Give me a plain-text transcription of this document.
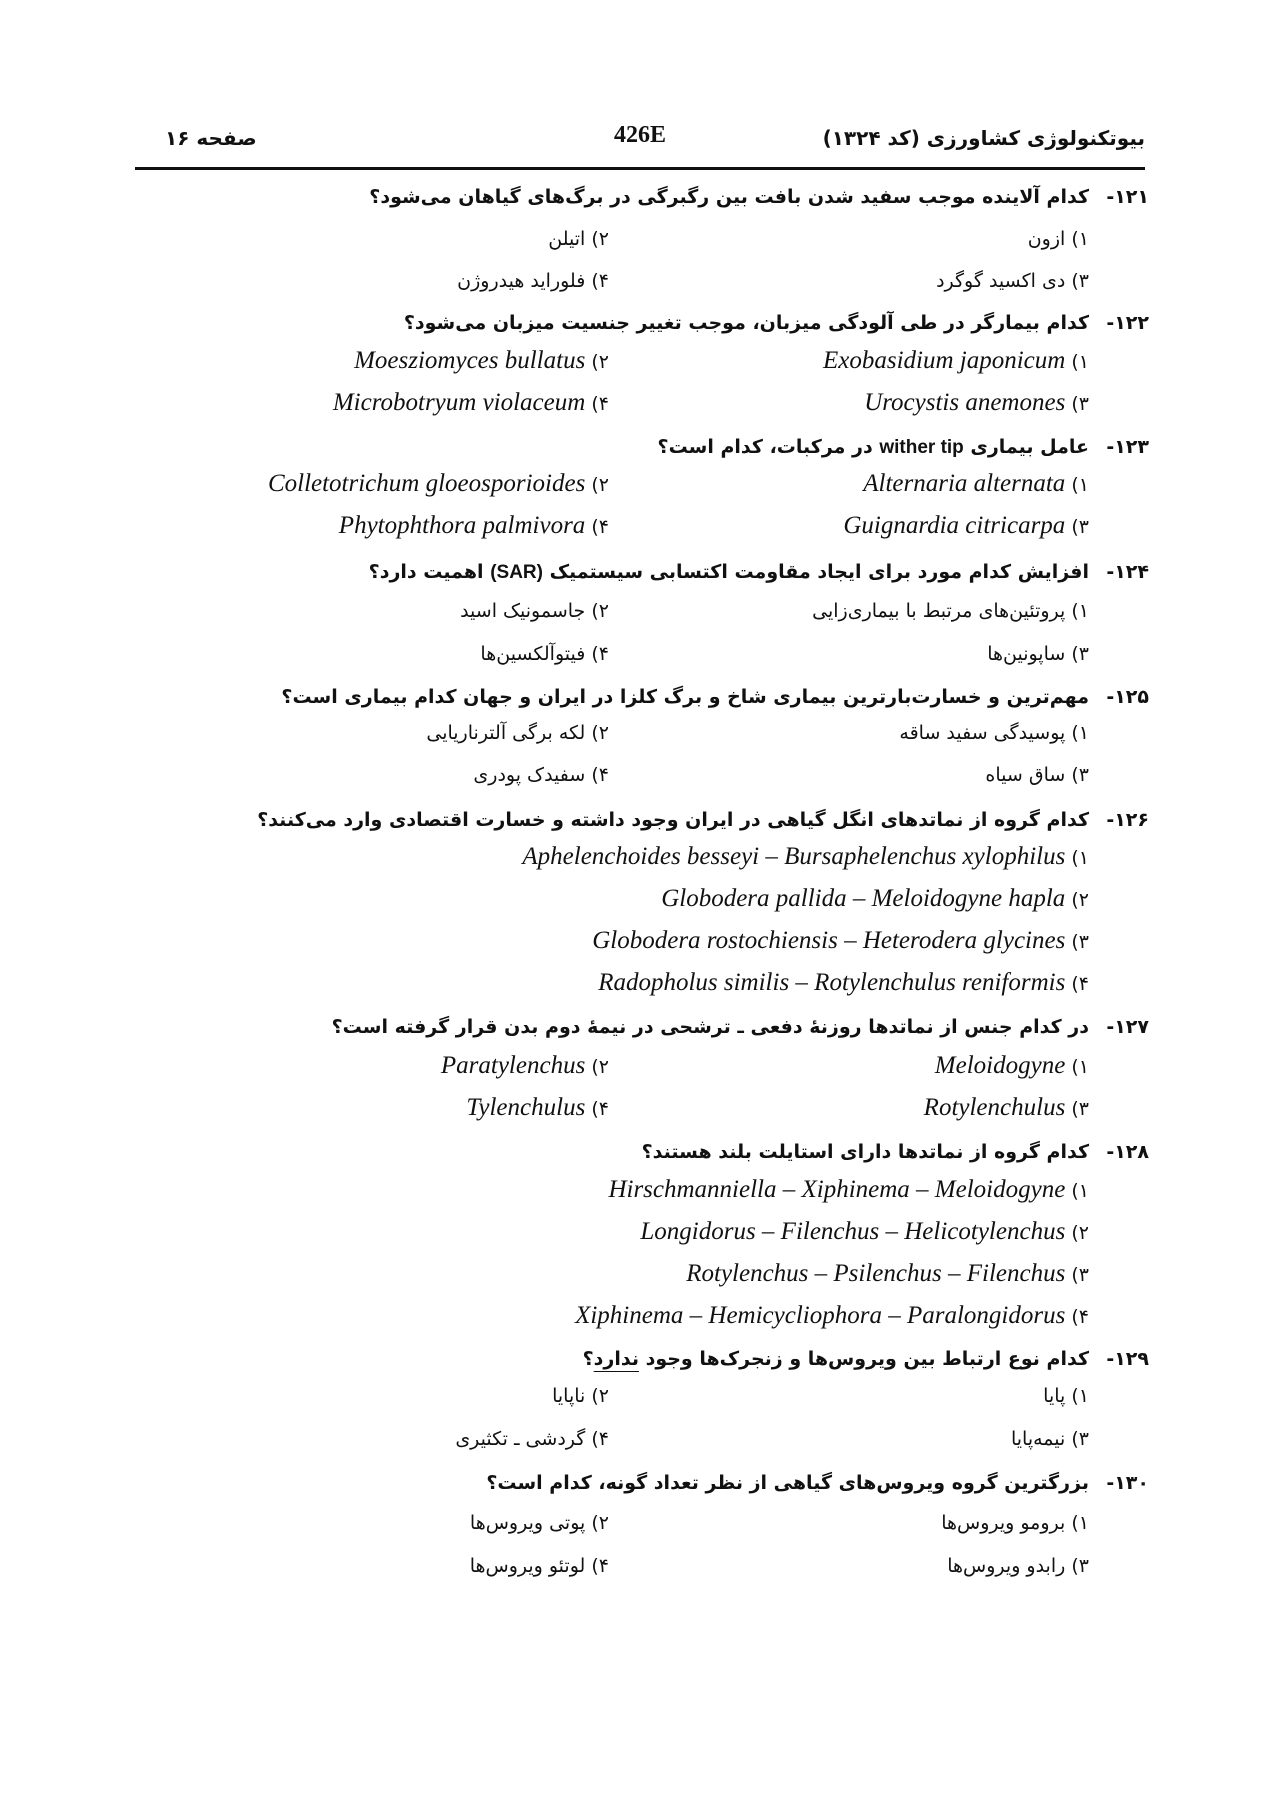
بیوتکنولوژی کشاورزی (کد ۱۳۲۴)
426E
صفحه ۱۶
۱۲۱-
کدام آلاینده موجب سفید شدن بافت بین رگبرگی در برگ‌های گیاهان می‌شود؟
۱) ازون
۲) اتیلن
۳) دی اکسید گوگرد
۴) فلوراید هیدروژن
۱۲۲-
کدام بیمارگر در طی آلودگی میزبان، موجب تغییر جنسیت میزبان می‌شود؟
۱) Exobasidium japonicum
۲) Moesziomyces bullatus
۳) Urocystis anemones
۴) Microbotryum violaceum
۱۲۳-
عامل بیماری wither tip در مرکبات، کدام است؟
۱) Alternaria alternata
۲) Colletotrichum gloeosporioides
۳) Guignardia citricarpa
۴) Phytophthora palmivora
۱۲۴-
افزایش کدام مورد برای ایجاد مقاومت اکتسابی سیستمیک (SAR) اهمیت دارد؟
۱) پروتئین‌های مرتبط با بیماری‌زایی
۲) جاسمونیک اسید
۳) ساپونین‌ها
۴) فیتوآلکسین‌ها
۱۲۵-
مهم‌ترین و خسارت‌بارترین بیماری شاخ و برگ کلزا در ایران و جهان کدام بیماری است؟
۱) پوسیدگی سفید ساقه
۲) لکه برگی آلترناریایی
۳) ساق سیاه
۴) سفیدک پودری
۱۲۶-
کدام گروه از نماتدهای انگل گیاهی در ایران وجود داشته و خسارت اقتصادی وارد می‌کنند؟
۱) Aphelenchoides besseyi – Bursaphelenchus xylophilus
۲) Globodera pallida – Meloidogyne hapla
۳) Globodera rostochiensis – Heterodera glycines
۴) Radopholus similis – Rotylenchulus reniformis
۱۲۷-
در کدام جنس از نماتدها روزنهٔ دفعی ـ ترشحی در نیمهٔ دوم بدن قرار گرفته است؟
۱) Meloidogyne
۲) Paratylenchus
۳) Rotylenchulus
۴) Tylenchulus
۱۲۸-
کدام گروه از نماتدها دارای استایلت بلند هستند؟
۱) Hirschmanniella – Xiphinema – Meloidogyne
۲) Longidorus – Filenchus – Helicotylenchus
۳) Rotylenchus – Psilenchus – Filenchus
۴) Xiphinema – Hemicycliophora – Paralongidorus
۱۲۹-
کدام نوع ارتباط بین ویروس‌ها و زنجرک‌ها وجود ندارد؟
۱) پایا
۲) ناپایا
۳) نیمه‌پایا
۴) گردشی ـ تکثیری
۱۳۰-
بزرگترین گروه ویروس‌های گیاهی از نظر تعداد گونه، کدام است؟
۱) برومو ویروس‌ها
۲) پوتی ویروس‌ها
۳) رابدو ویروس‌ها
۴) لوتئو ویروس‌ها
